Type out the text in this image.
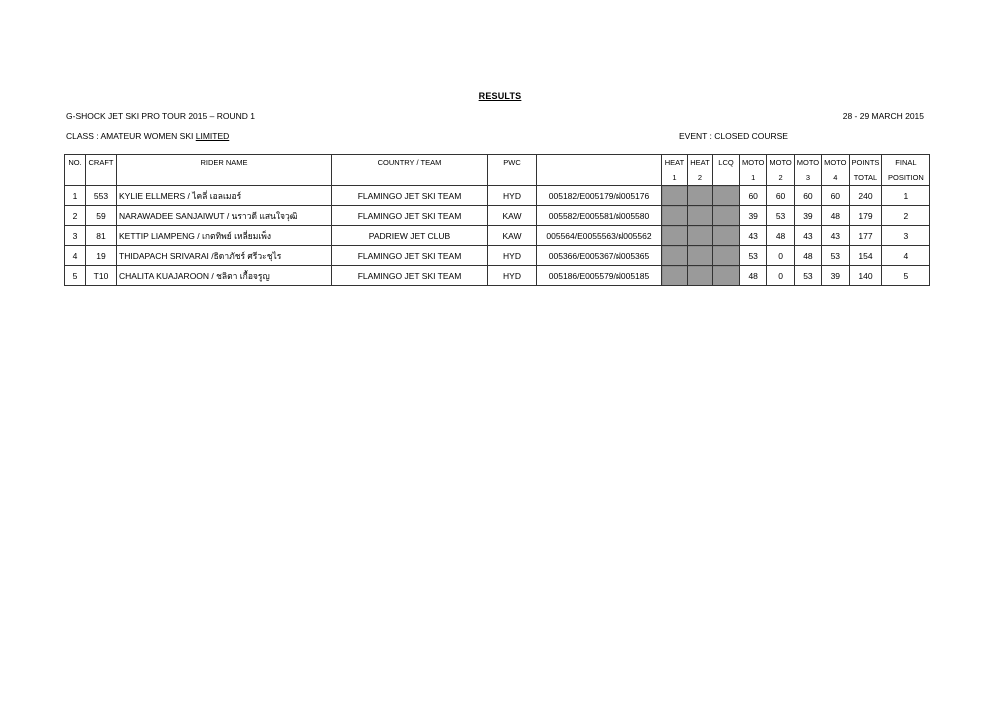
RESULTS
G-SHOCK JET SKI PRO TOUR 2015 – ROUND 1	28 - 29 MARCH 2015
CLASS : AMATEUR WOMEN SKI LIMITED	EVENT : CLOSED COURSE
NO.	CRAFT	RIDER NAME	COUNTRY / TEAM	PWC		HEAT	HEAT	LCQ	MOTO	MOTO	MOTO	MOTO	POINTS	FINAL
						1	2		1	2	3	4	TOTAL	POSITION
1	553	KYLIE ELLMERS / ไคลี่ เอลเมอร์	FLAMINGO JET SKI TEAM	HYD	005182/E005179/ฝ005176				60	60	60	60	240	1
2	59	NARAWADEE SANJAIWUT / นราวดี แสนใจวุฒิ	FLAMINGO JET SKI TEAM	KAW	005582/E005581/ฝ005580				39	53	39	48	179	2
3	81	KETTIP LIAMPENG / เกตทิพย์ เหลี่ยมเพ็ง	PADRIEW JET CLUB	KAW	005564/E0055563/ฝ005562				43	48	43	43	177	3
4	19	THIDAPACH SRIVARAI /ธิดาภัชร์ ศรีวะชุไร	FLAMINGO JET SKI TEAM	HYD	005366/E005367/ฝ005365				53	0	48	53	154	4
5	T10	CHALITA KUAJAROON / ชลิตา เกื้อจรูญ	FLAMINGO JET SKI TEAM	HYD	005186/E005579/ฝ005185				48	0	53	39	140	5
